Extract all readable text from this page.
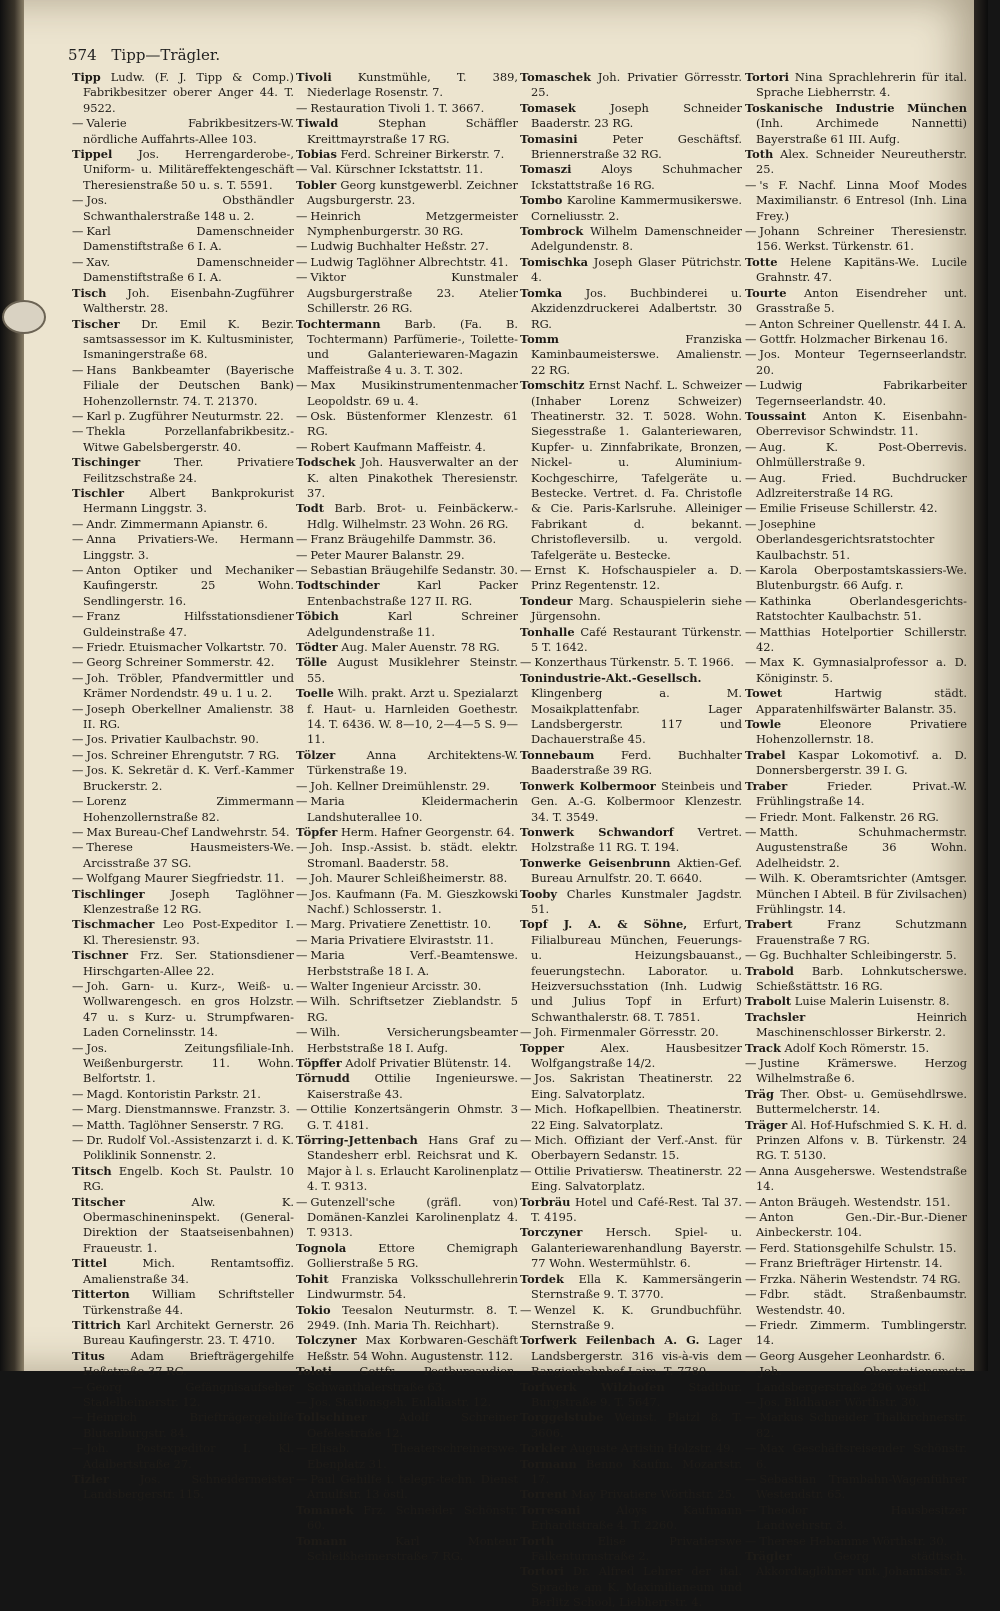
574 Tipp—Trägler.

Tipp Ludw. (F. J. Tipp & Comp.) Fabrikbesitzer oberer Anger 44. T. 9522.

— Valerie Fabrikbesitzers-W. nördliche Auffahrts-Allee 103.

Tippel Jos. Herrengarderobe-, Uniform- u. Militäreffektengeschäft Theresienstraße 50 u. s. T. 5591.

— Jos. Obsthändler Schwanthalerstraße 148 u. 2.

— Karl Damenschneider Damenstiftstraße 6 I. A.

— Xav. Damenschneider Damenstiftstraße 6 I. A.

Tisch Joh. Eisenbahn-Zugführer Waltherstr. 28.

Tischer Dr. Emil K. Bezir. samtsassessor im K. Kultusminister, Ismaningerstraße 68.

— Hans Bankbeamter (Bayerische Filiale der Deutschen Bank) Hohenzollernstr. 74. T. 21370.

— Karl p. Zugführer Neuturmstr. 22.

— Thekla Porzellanfabrikbesitz.-Witwe Gabelsbergerstr. 40.

Tischinger Ther. Privatiere Feilitzschstraße 24.

Tischler Albert Bankprokurist Hermann Linggstr. 3.

— Andr. Zimmermann Apianstr. 6.

— Anna Privatiers-We. Hermann Linggstr. 3.

— Anton Optiker und Mechaniker Kaufingerstr. 25 Wohn. Sendlingerstr. 16.

— Franz Hilfsstationsdiener Guldeinstraße 47.

— Friedr. Etuismacher Volkartstr. 70.

— Georg Schreiner Sommerstr. 42.

— Joh. Tröbler, Pfandvermittler und Krämer Nordendstr. 49 u. 1 u. 2.

— Joseph Oberkellner Amalienstr. 38 II. RG.

— Jos. Privatier Kaulbachstr. 90.

— Jos. Schreiner Ehrengutstr. 7 RG.

— Jos. K. Sekretär d. K. Verf.-Kammer Bruckerstr. 2.

— Lorenz Zimmermann Hohenzollernstraße 82.

— Max Bureau-Chef Landwehrstr. 54.

— Therese Hausmeisters-We. Arcisstraße 37 SG.

— Wolfgang Maurer Siegfriedstr. 11.

Tischlinger Joseph Taglöhner Klenzestraße 12 RG.

Tischmacher Leo Post-Expeditor I. Kl. Theresienstr. 93.

Tischner Frz. Ser. Stationsdiener Hirschgarten-Allee 22.

— Joh. Garn- u. Kurz-, Weiß- u. Wollwarengesch. en gros Holzstr. 47 u. s Kurz- u. Strumpfwaren-Laden Cornelinsstr. 14.

— Jos. Zeitungsfiliale-Inh. Weißenburgerstr. 11. Wohn. Belfortstr. 1.

— Magd. Kontoristin Parkstr. 21.

— Marg. Dienstmannswe. Franzstr. 3.

— Matth. Taglöhner Senserstr. 7 RG.

— Dr. Rudolf Vol.-Assistenzarzt i. d. K. Poliklinik Sonnenstr. 2.

Titsch Engelb. Koch St. Paulstr. 10 RG.

Titscher Alw. K. Obermaschineninspekt. (General-Direktion der Staatseisenbahnen) Fraueustr. 1.

Tittel Mich. Rentamtsoffiz. Amalienstraße 34.

Titterton William Schriftsteller Türkenstraße 44.

Tittrich Karl Architekt Gernerstr. 26 Bureau Kaufingerstr. 23. T. 4710.

Titus Adam Briefträgergehilfe Heßstraße 37 RG.

— Georg Gefängnisaufseher Stadelheimerstr. 12.

— Heinrich Briefträgergehilfe Blutenburgstr. 84.

— Joh. Postexpeditor I. Kl. Adalbertstraße 27.

Tizler Jos. Schneidermeister Landsbergerstr. 115.

Tivoli Kunstmühle, T. 389, Niederlage Rosenstr. 7.

— Restauration Tivoli 1. T. 3667.

Tiwald Stephan Schäffler Kreittmayrstraße 17 RG.

Tobias Ferd. Schreiner Birkerstr. 7.

— Val. Kürschner Ickstattstr. 11.

Tobler Georg kunstgewerbl. Zeichner Augsburgerstr. 23.

— Heinrich Metzgermeister Nymphenburgerstr. 30 RG.

— Ludwig Buchhalter Heßstr. 27.

— Ludwig Taglöhner Albrechtstr. 41.

— Viktor Kunstmaler Augsburgerstraße 23. Atelier Schillerstr. 26 RG.

Tochtermann Barb. (Fa. B. Tochtermann) Parfümerie-, Toilette- und Galanteriewaren-Magazin Maffeistraße 4 u. 3. T. 302.

— Max Musikinstrumentenmacher Leopoldstr. 69 u. 4.

— Osk. Büstenformer Klenzestr. 61 RG.

— Robert Kaufmann Maffeistr. 4.

Todschek Joh. Hausverwalter an der K. alten Pinakothek Theresienstr. 37.

Todt Barb. Brot- u. Feinbäckerw.-Hdlg. Wilhelmstr. 23 Wohn. 26 RG.

— Franz Bräugehilfe Dammstr. 36.

— Peter Maurer Balanstr. 29.

— Sebastian Bräugehilfe Sedanstr. 30.

Todtschinder Karl Packer Entenbachstraße 127 II. RG.

Töbich Karl Schreiner Adelgundenstraße 11.

Tödter Aug. Maler Auenstr. 78 RG.

Tölle August Musiklehrer Steinstr. 55.

Toelle Wilh. prakt. Arzt u. Spezialarzt f. Haut- u. Harnleiden Goethestr. 14. T. 6436. W. 8—10, 2—4—5 S. 9—11.

Tölzer Anna Architektens-W. Türkenstraße 19.

— Joh. Kellner Dreimühlenstr. 29.

— Maria Kleidermacherin Landshuterallee 10.

Töpfer Herm. Hafner Georgenstr. 64.

— Joh. Insp.-Assist. b. städt. elektr. Stromanl. Baaderstr. 58.

— Joh. Maurer Schleißheimerstr. 88.

— Jos. Kaufmann (Fa. M. Gieszkowski Nachf.) Schlosserstr. 1.

— Marg. Privatiere Zenettistr. 10.

— Maria Privatiere Elviraststr. 11.

— Maria Verf.-Beamtenswe. Herbststraße 18 I. A.

— Walter Ingenieur Arcisstr. 30.

— Wilh. Schriftsetzer Zieblandstr. 5 RG.

— Wilh. Versicherungsbeamter Herbststraße 18 I. Aufg.

Töpffer Adolf Privatier Blütenstr. 14.

Törnudd Ottilie Ingenieurswe. Kaiserstraße 43.

— Ottilie Konzertsängerin Ohmstr. 3 G. T. 4181.

Törring-Jettenbach Hans Graf zu Standesherr erbl. Reichsrat und K. Major à l. s. Erlaucht Karolinenplatz 4. T. 9313.

— Gutenzell'sche (gräfl. von) Domänen-Kanzlei Karolinenplatz 4. T. 9313.

Tognola Ettore Chemigraph Gollierstraße 5 RG.

Tohit Franziska Volksschullehrerin Lindwurmstr. 54.

Tokio Teesalon Neuturmstr. 8. T. 2949. (Inh. Maria Th. Reichhart).

Tolczyner Max Korbwaren-Geschäft Heßstr. 54 Wohn. Augustenstr. 112.

Toleti Gottfr. Postbureaudien. Schwanthalerstraße 63.

— Jos. Stationsgeh. Eulaliastr. 12.

Tollschiner Adolf Schreiner Oefelestraße 12.

— Elisab. Theaterschreinerswe. Ebenplatz 31.

— Paul Gehilfe i. telegr.-techn. Dienst Arnulfstr. 13 östl.

Tomanek Frz. Schneider Schönstr. 60.

Tomann Karl Monteur Schleißheimerstraße 7 RG.

Tomaschek Joh. Privatier Görresstr. 25.

Tomasek Joseph Schneider Baaderstr. 23 RG.

Tomasini Peter Geschäftsf. Briennerstraße 32 RG.

Tomaszi Aloys Schuhmacher Ickstattstraße 16 RG.

Tombo Karoline Kammermusikerswe. Corneliusstr. 2.

Tombrock Wilhelm Damenschneider Adelgundenstr. 8.

Tomischka Joseph Glaser Pütrichstr. 4.

Tomka Jos. Buchbinderei u. Akzidenzdruckerei Adalbertstr. 30 RG.

Tomm Franziska Kaminbaumeisterswe. Amalienstr. 22 RG.

Tomschitz Ernst Nachf. L. Schweizer (Inhaber Lorenz Schweizer) Theatinerstr. 32. T. 5028. Wohn. Siegesstraße 1. Galanteriewaren, Kupfer- u. Zinnfabrikate, Bronzen, Nickel- u. Aluminium-Kochgeschirre, Tafelgeräte u. Bestecke. Vertret. d. Fa. Christofle & Cie. Paris-Karlsruhe. Alleiniger Fabrikant d. bekannt. Christofleversilb. u. vergold. Tafelgeräte u. Bestecke.

— Ernst K. Hofschauspieler a. D. Prinz Regentenstr. 12.

Tondeur Marg. Schauspielerin siehe Jürgensohn.

Tonhalle Café Restaurant Türkenstr. 5 T. 1642.

— Konzerthaus Türkenstr. 5. T. 1966.

Tonindustrie-Akt.-Gesellsch. Klingenberg a. M. Mosaikplattenfabr. Lager Landsbergerstr. 117 und Dachauerstraße 45.

Tonnebaum Ferd. Buchhalter Baaderstraße 39 RG.

Tonwerk Kolbermoor Steinbeis und Gen. A.-G. Kolbermoor Klenzestr. 34. T. 3549.

Tonwerk Schwandorf Vertret. Holzstraße 11 RG. T. 194.

Tonwerke Geisenbrunn Aktien-Gef. Bureau Arnulfstr. 20. T. 6640.

Tooby Charles Kunstmaler Jagdstr. 51.

Topf J. A. & Söhne, Erfurt, Filialbureau München, Feuerungs- u. Heizungsbauanst., feuerungstechn. Laborator. u. Heizversuchsstation (Inh. Ludwig und Julius Topf in Erfurt) Schwanthalerstr. 68. T. 7851.

— Joh. Firmenmaler Görresstr. 20.

Topper Alex. Hausbesitzer Wolfgangstraße 14/2.

— Jos. Sakristan Theatinerstr. 22 Eing. Salvatorplatz.

— Mich. Hofkapellbien. Theatinerstr. 22 Eing. Salvatorplatz.

— Mich. Offiziant der Verf.-Anst. für Oberbayern Sedanstr. 15.

— Ottilie Privatiersw. Theatinerstr. 22 Eing. Salvatorplatz.

Torbräu Hotel und Café-Rest. Tal 37. T. 4195.

Torczyner Hersch. Spiel- u. Galanteriewarenhandlung Bayerstr. 77 Wohn. Westermühlstr. 6.

Tordek Ella K. Kammersängerin Sternstraße 9. T. 3770.

— Wenzel K. K. Grundbuchführ. Sternstraße 9.

Torfwerk Feilenbach A. G. Lager Landsbergerstr. 316 vis-à-vis dem Rangierbahnhof Laim. T. 7780.

Torfwerk Wilzhofen Stadtbur. Burgstraße 9. T. 5647.

Torggelstube Weinst. Platzl 8. T. 3606.

Torkler Auguste Artistin Holzstr. 49.

Tormann Benno Kaufm. Mozartstr. 17.

Torrent May Privatiere Wörthstr. 25.

Torresani Aloys Kaufmann Erhardtstraße 4. T. 2260.

Torth Elise Privatierswe Falkenturmstraße 2.

Tortori Dr. Alfred Lehrer der ital. Sprache am K. Maximilianeum und Berlitz School, Liebherrstr. 4.

Tortori Nina Sprachlehrerin für ital. Sprache Liebherrstr. 4.

Toskanische Industrie München (Inh. Archimede Nannetti) Bayerstraße 61 III. Aufg.

Toth Alex. Schneider Neureutherstr. 25.

— 's F. Nachf. Linna Moof Modes Maximilianstr. 6 Entresol (Inh. Lina Frey.)

— Johann Schreiner Theresienstr. 156. Werkst. Türkenstr. 61.

Totte Helene Kapitäns-We. Lucile Grahnstr. 47.

Tourte Anton Eisendreher unt. Grasstraße 5.

— Anton Schreiner Quellenstr. 44 I. A.

— Gottfr. Holzmacher Birkenau 16.

— Jos. Monteur Tegernseerlandstr. 20.

— Ludwig Fabrikarbeiter Tegernseerlandstr. 40.

Toussaint Anton K. Eisenbahn-Oberrevisor Schwindstr. 11.

— Aug. K. Post-Oberrevis. Ohlmüllerstraße 9.

— Aug. Fried. Buchdrucker Adlzreiterstraße 14 RG.

— Emilie Friseuse Schillerstr. 42.

— Josephine Oberlandesgerichtsratstochter Kaulbachstr. 51.

— Karola Oberpostamtskassiers-We. Blutenburgstr. 66 Aufg. r.

— Kathinka Oberlandesgerichts-Ratstochter Kaulbachstr. 51.

— Matthias Hotelportier Schillerstr. 42.

— Max K. Gymnasialprofessor a. D. Königinstr. 5.

Towet Hartwig städt. Apparatenhilfswärter Balanstr. 35.

Towle Eleonore Privatiere Hohenzollernstr. 18.

Trabel Kaspar Lokomotivf. a. D. Donnersbergerstr. 39 I. G.

Traber Frieder. Privat.-W. Frühlingstraße 14.

— Friedr. Mont. Falkenstr. 26 RG.

— Matth. Schuhmachermstr. Augustenstraße 36 Wohn. Adelheidstr. 2.

— Wilh. K. Oberamtsrichter (Amtsger. München I Abteil. B für Zivilsachen) Frühlingstr. 14.

Trabert Franz Schutzmann Frauenstraße 7 RG.

— Gg. Buchhalter Schleibingerstr. 5.

Trabold Barb. Lohnkutscherswe. Schießstättstr. 16 RG.

Trabolt Luise Malerin Luisenstr. 8.

Trachsler Heinrich Maschinenschlosser Birkerstr. 2.

Track Adolf Koch Römerstr. 15.

— Justine Krämerswe. Herzog Wilhelmstraße 6.

Träg Ther. Obst- u. Gemüsehdlrswe. Buttermelcherstr. 14.

Träger Al. Hof-Hufschmied S. K. H. d. Prinzen Alfons v. B. Türkenstr. 24 RG. T. 5130.

— Anna Ausgeherswe. Westendstraße 14.

— Anton Bräugeh. Westendstr. 151.

— Anton Gen.-Dir.-Bur.-Diener Ainbeckerstr. 104.

— Ferd. Stationsgehilfe Schulstr. 15.

— Franz Briefträger Hirtenstr. 14.

— Frzka. Näherin Westendstr. 74 RG.

— Fdbr. städt. Straßenbaumstr. Westendstr. 40.

— Friedr. Zimmerm. Tumblingerstr. 14.

— Georg Ausgeher Leonhardstr. 6.

— Joh. Oberstationsmstr. Landsbergerstraße 296 westl.

— Jos. Bildhauer Wörthstr. 30.

— Markus Schneider Thalkirchnerstr. 82.

— Max Geschäftsreisender Schönstr. 6.

— Sebastian Trambahn-Wagenführer Westendstr. 65.

— Theodor Hausbesitzer Landwehrstr. 3.

— Therese Hebamme Wörthstr. 30.

Trägler Georg städtisch. Akkordtaglöhner unt. Johannisstr. 3.
